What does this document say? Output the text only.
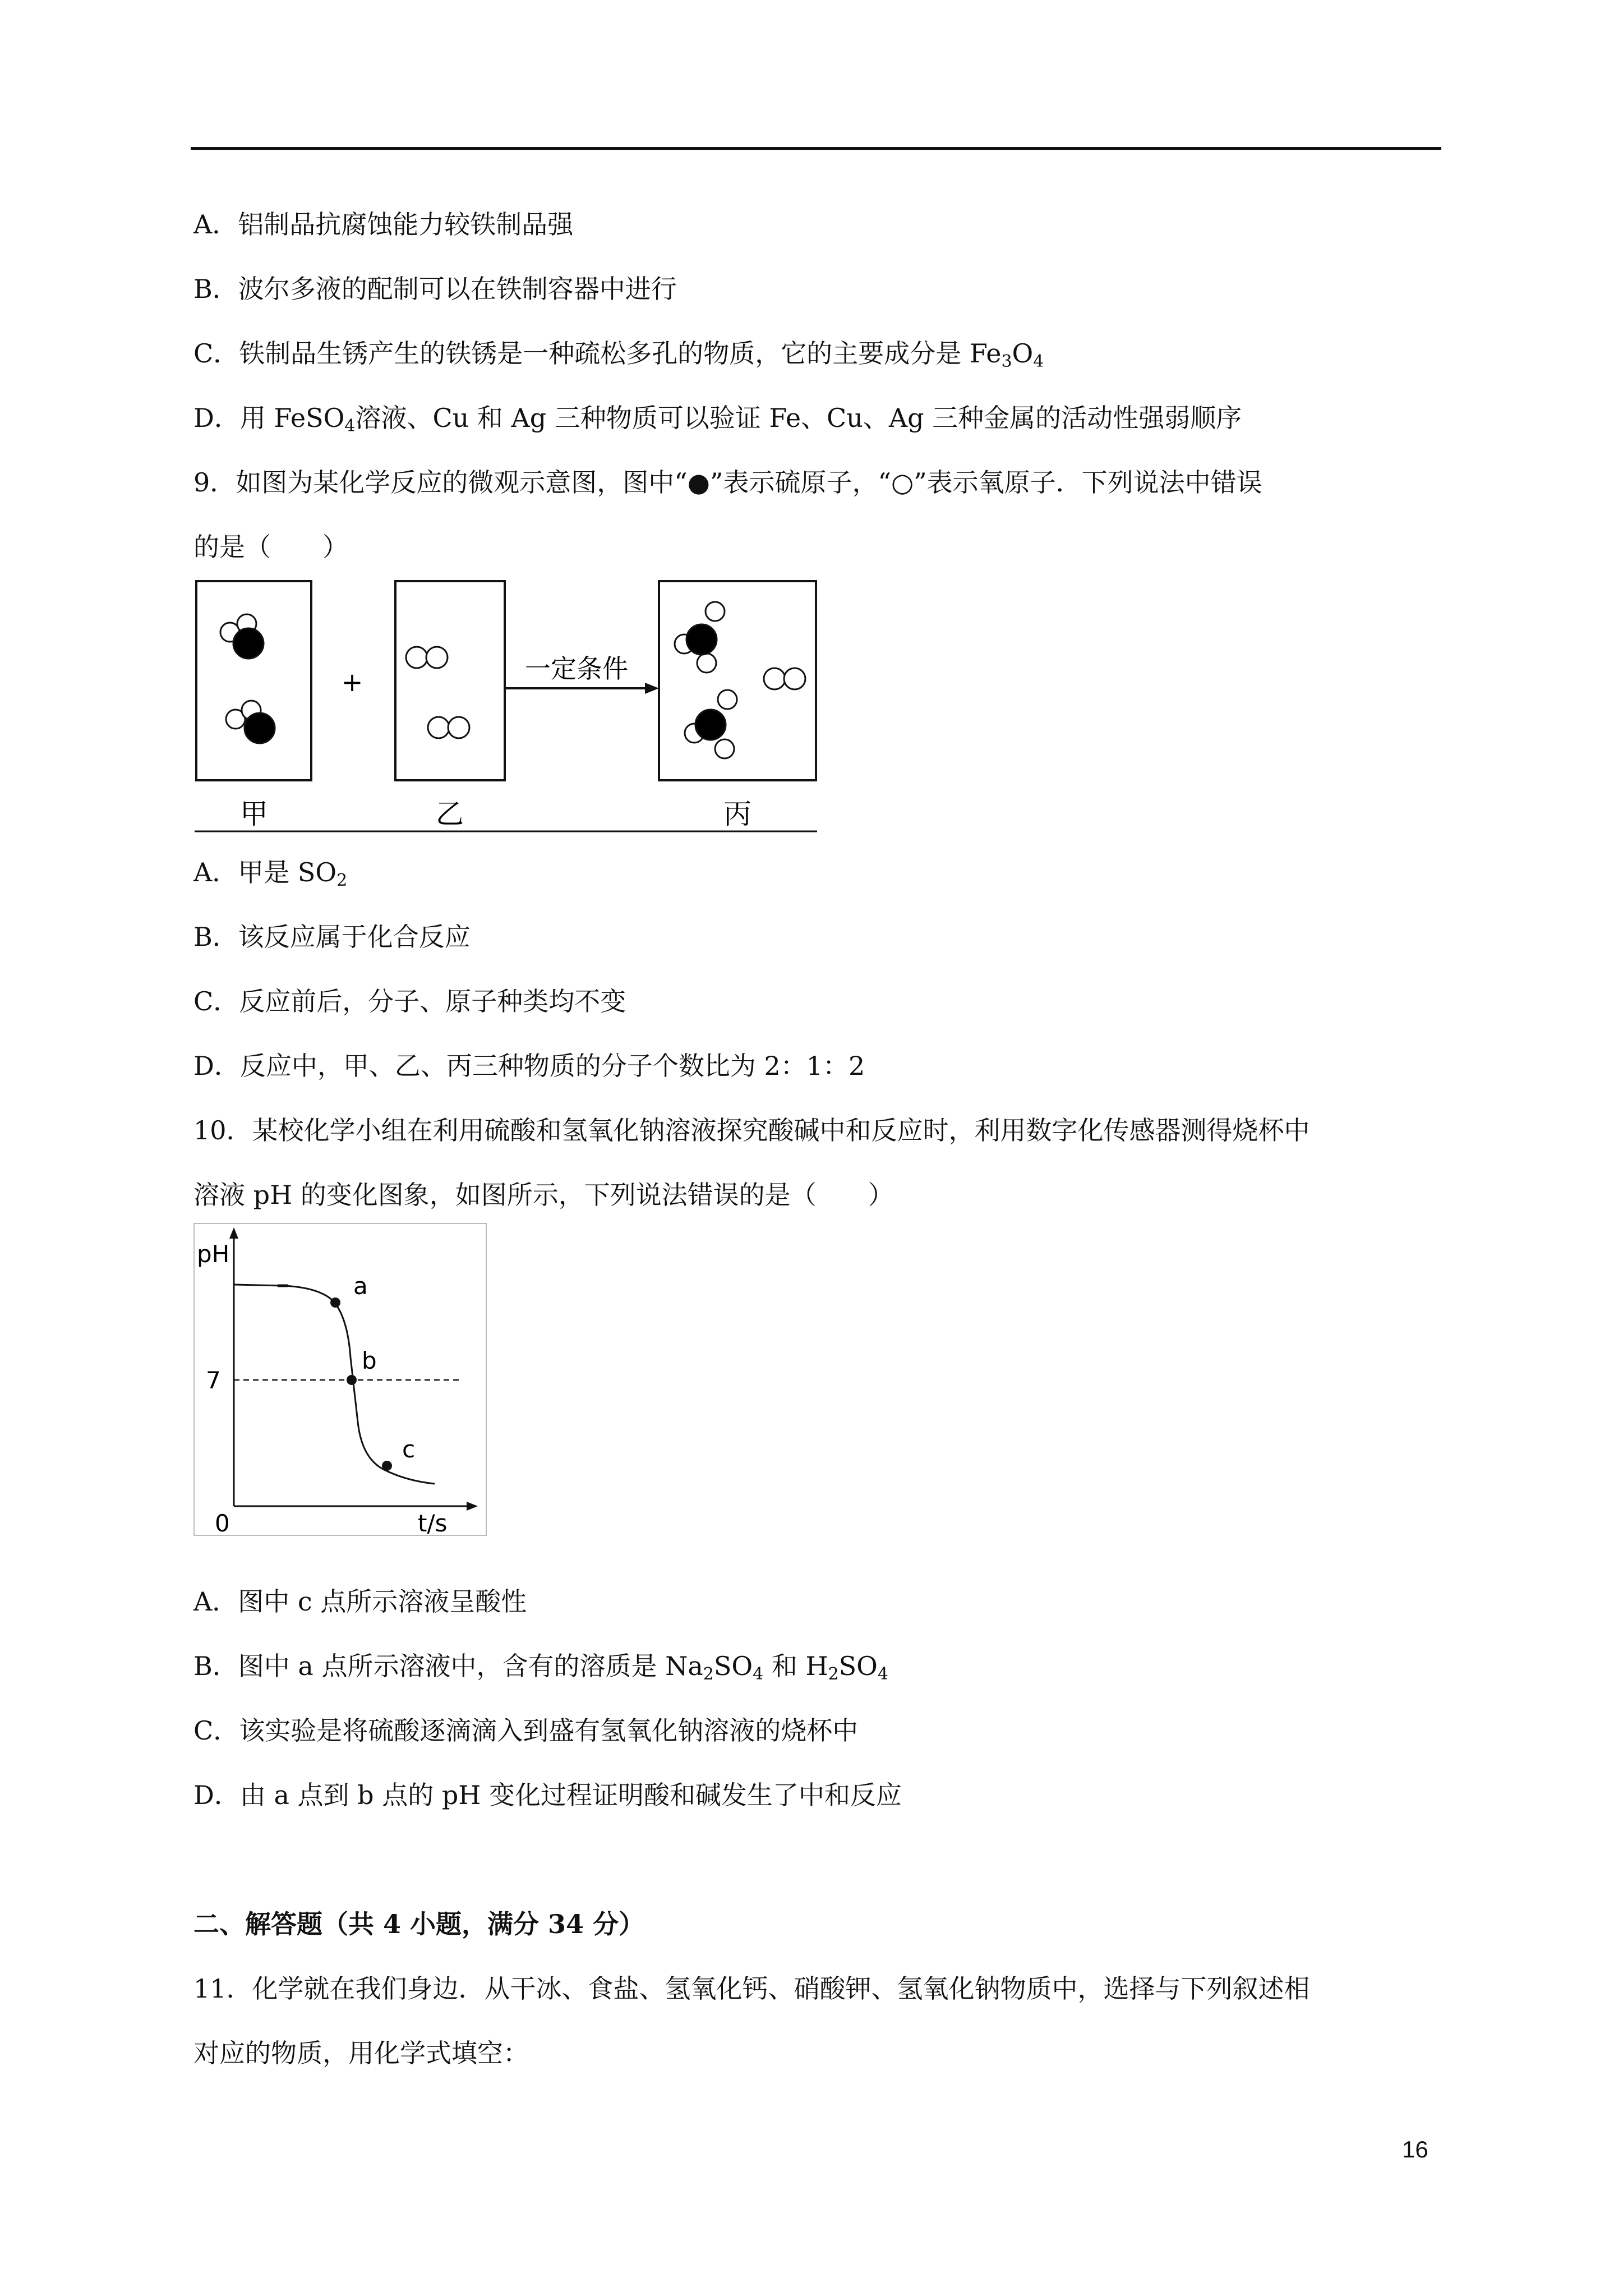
A．铝制品抗腐蚀能力较铁制品强
B．波尔多液的配制可以在铁制容器中进行
C．铁制品生锈产生的铁锈是一种疏松多孔的物质，它的主要成分是 $Fe_3O_4$
D．用 FeSO$_4$溶液、Cu 和 Ag 三种物质可以验证 Fe、Cu、Ag 三种金属的活动性强弱顺序
9．如图为某化学反应的微观示意图，图中“●”表示硫原子，“○”表示氧原子．下列说法中错误
的是（　　）
+	一定条件
甲	乙	丙
A．甲是 $SO_2$
B．该反应属于化合反应
C．反应前后，分子、原子种类均不变
D．反应中，甲、乙、丙三种物质的分子个数比为 2：1：2
10．某校化学小组在利用硫酸和氢氧化钠溶液探究酸碱中和反应时，利用数字化传感器测得烧杯中
溶液 pH 的变化图象，如图所示，下列说法错误的是（　　）
a
b
c
pH
7
0	t/s
A．图中 c 点所示溶液呈酸性
B．图中 a 点所示溶液中，含有的溶质是 $Na_2SO_4$ 和 $H_2SO_4$
C．该实验是将硫酸逐滴滴入到盛有氢氧化钠溶液的烧杯中
D．由 a 点到 b 点的 pH 变化过程证明酸和碱发生了中和反应
二、解答题（共 4 小题，满分 34 分）
11．化学就在我们身边．从干冰、食盐、氢氧化钙、硝酸钾、氢氧化钠物质中，选择与下列叙述相
对应的物质，用化学式填空：
16
